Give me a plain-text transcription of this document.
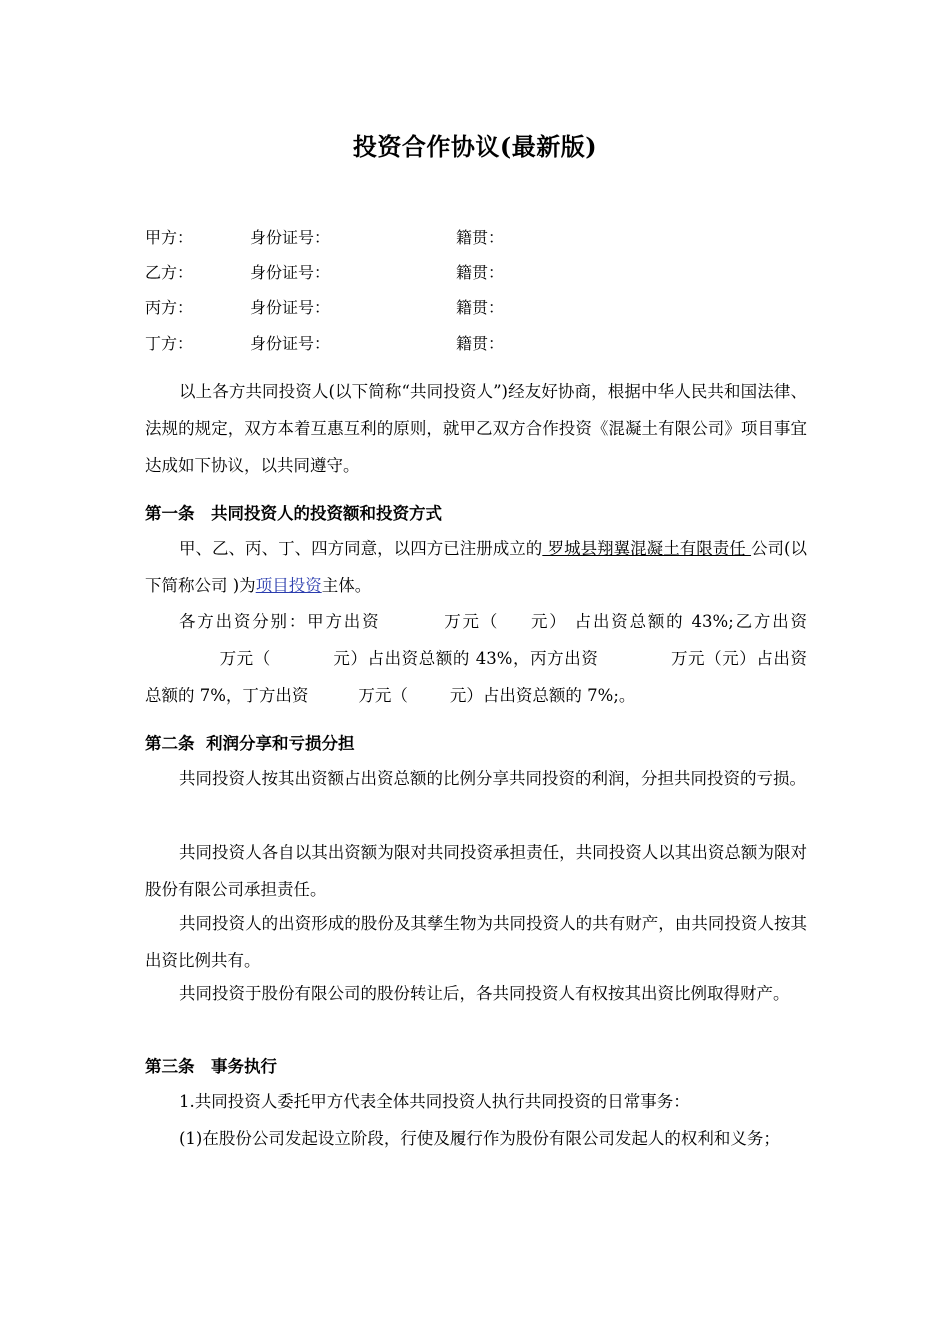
投资合作协议(最新版)
甲方：	身份证号：	籍贯：
乙方：	身份证号：	籍贯：
丙方：	身份证号：	籍贯：
丁方：	身份证号：	籍贯：
以上各方共同投资人(以下简称“共同投资人”)经友好协商，根据中华人民共和国法律、法规的规定，双方本着互惠互利的原则，就甲乙双方合作投资《混凝土有限公司》项目事宜达成如下协议，以共同遵守。
第一条　共同投资人的投资额和投资方式
甲、乙、丙、丁、四方同意，以四方已注册成立的 罗城县翔翼混凝土有限责任 公司(以下简称公司 )为项目投资主体。
各方出资分别：甲方出资	万元（ 元） 占出资总额的 43%;乙方出资万元（	元）占出资总额的 43%，丙方出资	万元（元）占出资总额的 7%，丁方出资	万元（	元）占出资总额的 7%;。
第二条  利润分享和亏损分担
共同投资人按其出资额占出资总额的比例分享共同投资的利润，分担共同投资的亏损。
共同投资人各自以其出资额为限对共同投资承担责任，共同投资人以其出资总额为限对股份有限公司承担责任。
共同投资人的出资形成的股份及其孳生物为共同投资人的共有财产，由共同投资人按其出资比例共有。
共同投资于股份有限公司的股份转让后，各共同投资人有权按其出资比例取得财产。
第三条　事务执行
1.共同投资人委托甲方代表全体共同投资人执行共同投资的日常事务：
(1)在股份公司发起设立阶段，行使及履行作为股份有限公司发起人的权利和义务；
